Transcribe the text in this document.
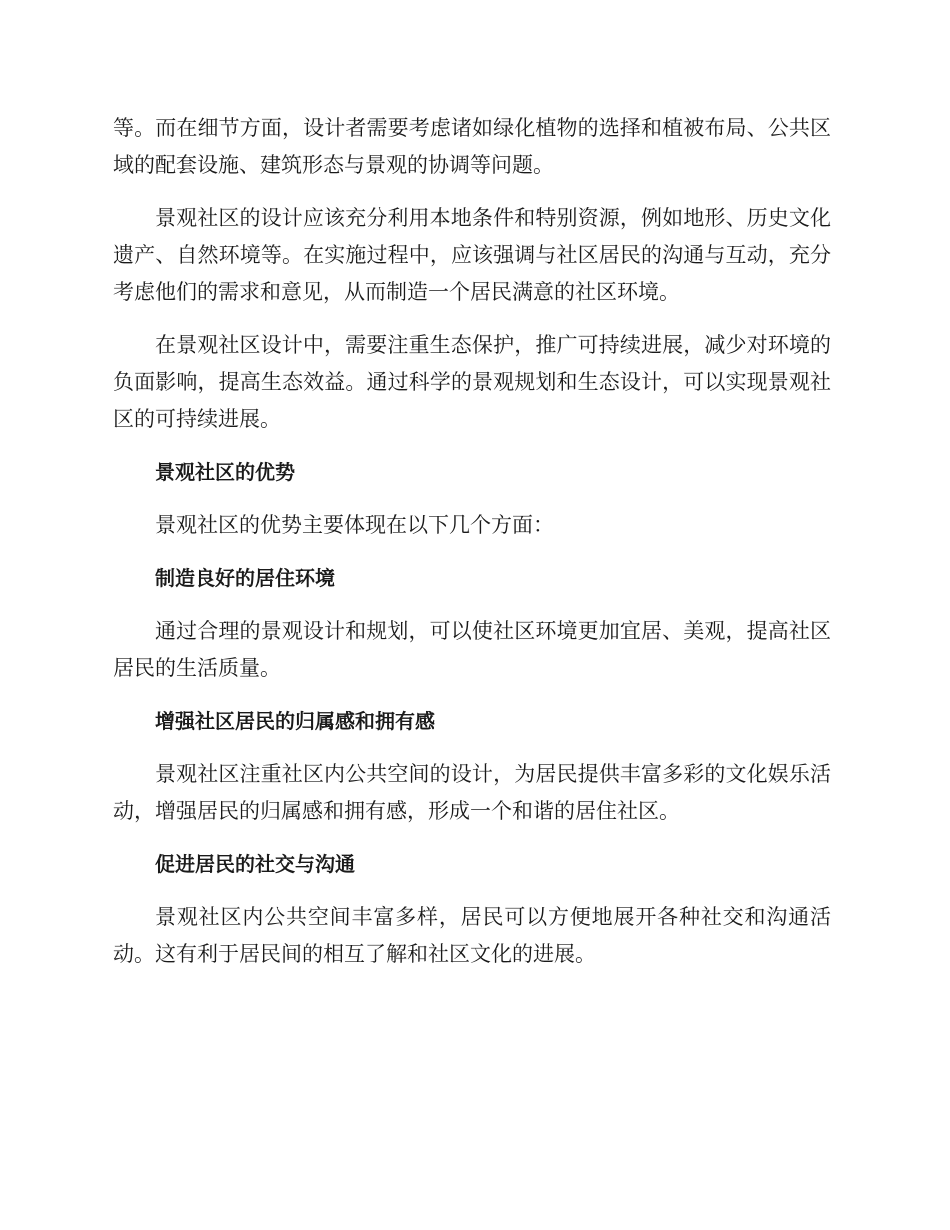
等。而在细节方面，设计者需要考虑诸如绿化植物的选择和植被布局、公共区域的配套设施、建筑形态与景观的协调等问题。

景观社区的设计应该充分利用本地条件和特别资源，例如地形、历史文化遗产、自然环境等。在实施过程中，应该强调与社区居民的沟通与互动，充分考虑他们的需求和意见，从而制造一个居民满意的社区环境。

在景观社区设计中，需要注重生态保护，推广可持续进展，减少对环境的负面影响，提高生态效益。通过科学的景观规划和生态设计，可以实现景观社区的可持续进展。

景观社区的优势

景观社区的优势主要体现在以下几个方面：

制造良好的居住环境

通过合理的景观设计和规划，可以使社区环境更加宜居、美观，提高社区居民的生活质量。

增强社区居民的归属感和拥有感

景观社区注重社区内公共空间的设计，为居民提供丰富多彩的文化娱乐活动，增强居民的归属感和拥有感，形成一个和谐的居住社区。

促进居民的社交与沟通

景观社区内公共空间丰富多样，居民可以方便地展开各种社交和沟通活动。这有利于居民间的相互了解和社区文化的进展。
